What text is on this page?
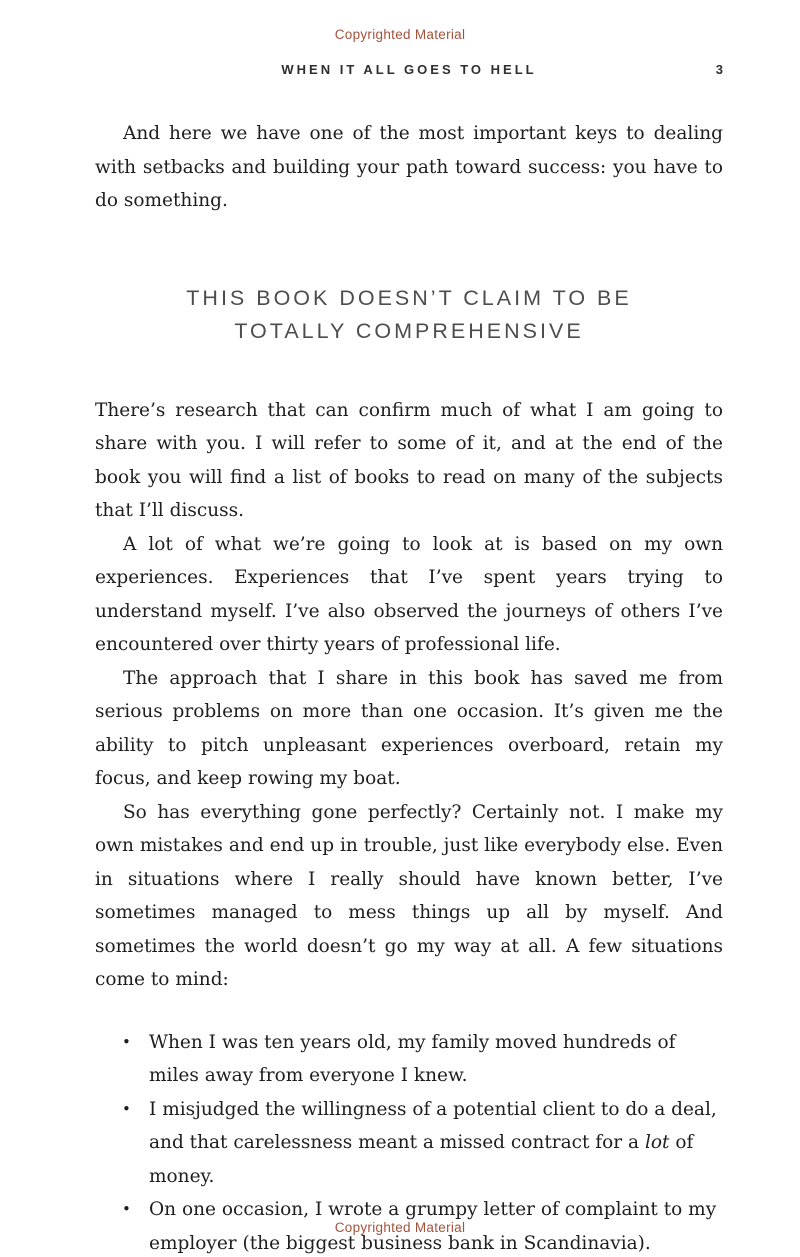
Copyrighted Material
WHEN IT ALL GOES TO HELL	3

And here we have one of the most important keys to dealing with setbacks and building your path toward success: you have to do something.

THIS BOOK DOESN’T CLAIM TO BE
TOTALLY COMPREHENSIVE

There’s research that can confirm much of what I am going to share with you. I will refer to some of it, and at the end of the book you will find a list of books to read on many of the subjects that I’ll discuss.

A lot of what we’re going to look at is based on my own experiences. Experiences that I’ve spent years trying to understand myself. I’ve also observed the journeys of others I’ve encountered over thirty years of professional life.

The approach that I share in this book has saved me from serious problems on more than one occasion. It’s given me the ability to pitch unpleasant experiences overboard, retain my focus, and keep rowing my boat.

So has everything gone perfectly? Certainly not. I make my own mistakes and end up in trouble, just like everybody else. Even in situations where I really should have known better, I’ve sometimes managed to mess things up all by myself. And sometimes the world doesn’t go my way at all. A few situations come to mind:

• When I was ten years old, my family moved hundreds of miles away from everyone I knew.
• I misjudged the willingness of a potential client to do a deal, and that carelessness meant a missed contract for a lot of money.
• On one occasion, I wrote a grumpy letter of complaint to my employer (the biggest business bank in Scandinavia).
Copyrighted Material
